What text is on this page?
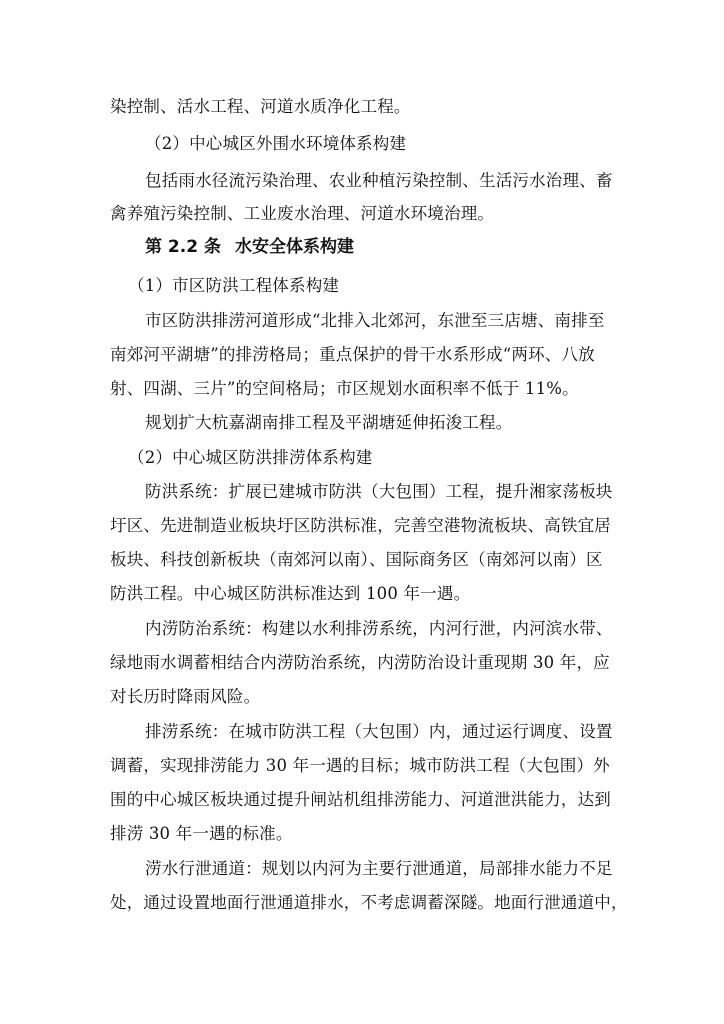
染控制、活水工程、河道水质净化工程。
（2）中心城区外围水环境体系构建
包括雨水径流污染治理、农业种植污染控制、生活污水治理、畜
禽养殖污染控制、工业废水治理、河道水环境治理。
第 2.2 条 水安全体系构建
（1）市区防洪工程体系构建
市区防洪排涝河道形成“北排入北郊河，东泄至三店塘、南排至
南郊河平湖塘”的排涝格局；重点保护的骨干水系形成“两环、八放
射、四湖、三片”的空间格局；市区规划水面积率不低于 11%。
规划扩大杭嘉湖南排工程及平湖塘延伸拓浚工程。
（2）中心城区防洪排涝体系构建
防洪系统：扩展已建城市防洪（大包围）工程，提升湘家荡板块
圩区、先进制造业板块圩区防洪标准，完善空港物流板块、高铁宜居
板块、科技创新板块（南郊河以南）、国际商务区（南郊河以南）区
防洪工程。中心城区防洪标准达到 100 年一遇。
内涝防治系统：构建以水利排涝系统，内河行泄，内河滨水带、
绿地雨水调蓄相结合内涝防治系统，内涝防治设计重现期 30 年，应
对长历时降雨风险。
排涝系统：在城市防洪工程（大包围）内，通过运行调度、设置
调蓄，实现排涝能力 30 年一遇的目标；城市防洪工程（大包围）外
围的中心城区板块通过提升闸站机组排涝能力、河道泄洪能力，达到
排涝 30 年一遇的标准。
涝水行泄通道：规划以内河为主要行泄通道，局部排水能力不足
处，通过设置地面行泄通道排水，不考虑调蓄深隧。地面行泄通道中，
